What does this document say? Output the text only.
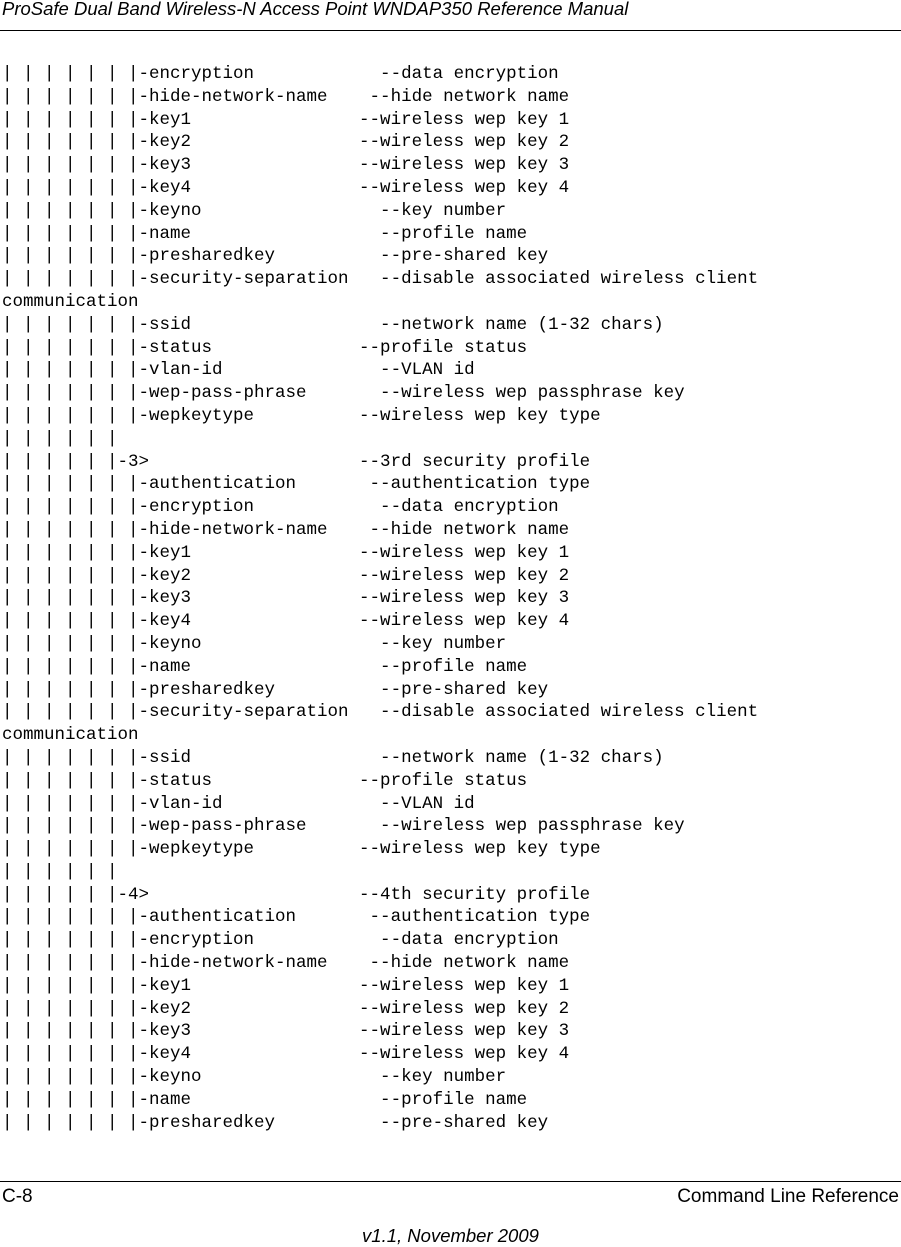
ProSafe Dual Band Wireless-N Access Point WNDAP350 Reference Manual
| | | | | | |-encryption            --data encryption
| | | | | | |-hide-network-name    --hide network name
| | | | | | |-key1                --wireless wep key 1
| | | | | | |-key2                --wireless wep key 2
| | | | | | |-key3                --wireless wep key 3
| | | | | | |-key4                --wireless wep key 4
| | | | | | |-keyno                 --key number
| | | | | | |-name                  --profile name
| | | | | | |-presharedkey          --pre-shared key
| | | | | | |-security-separation   --disable associated wireless client
communication
| | | | | | |-ssid                  --network name (1-32 chars)
| | | | | | |-status              --profile status
| | | | | | |-vlan-id               --VLAN id
| | | | | | |-wep-pass-phrase       --wireless wep passphrase key
| | | | | | |-wepkeytype          --wireless wep key type
| | | | | |
| | | | | |-3>                    --3rd security profile
| | | | | | |-authentication       --authentication type
| | | | | | |-encryption            --data encryption
| | | | | | |-hide-network-name    --hide network name
| | | | | | |-key1                --wireless wep key 1
| | | | | | |-key2                --wireless wep key 2
| | | | | | |-key3                --wireless wep key 3
| | | | | | |-key4                --wireless wep key 4
| | | | | | |-keyno                 --key number
| | | | | | |-name                  --profile name
| | | | | | |-presharedkey          --pre-shared key
| | | | | | |-security-separation   --disable associated wireless client
communication
| | | | | | |-ssid                  --network name (1-32 chars)
| | | | | | |-status              --profile status
| | | | | | |-vlan-id               --VLAN id
| | | | | | |-wep-pass-phrase       --wireless wep passphrase key
| | | | | | |-wepkeytype          --wireless wep key type
| | | | | |
| | | | | |-4>                    --4th security profile
| | | | | | |-authentication       --authentication type
| | | | | | |-encryption            --data encryption
| | | | | | |-hide-network-name    --hide network name
| | | | | | |-key1                --wireless wep key 1
| | | | | | |-key2                --wireless wep key 2
| | | | | | |-key3                --wireless wep key 3
| | | | | | |-key4                --wireless wep key 4
| | | | | | |-keyno                 --key number
| | | | | | |-name                  --profile name
| | | | | | |-presharedkey          --pre-shared key
C-8	Command Line Reference
v1.1, November 2009
